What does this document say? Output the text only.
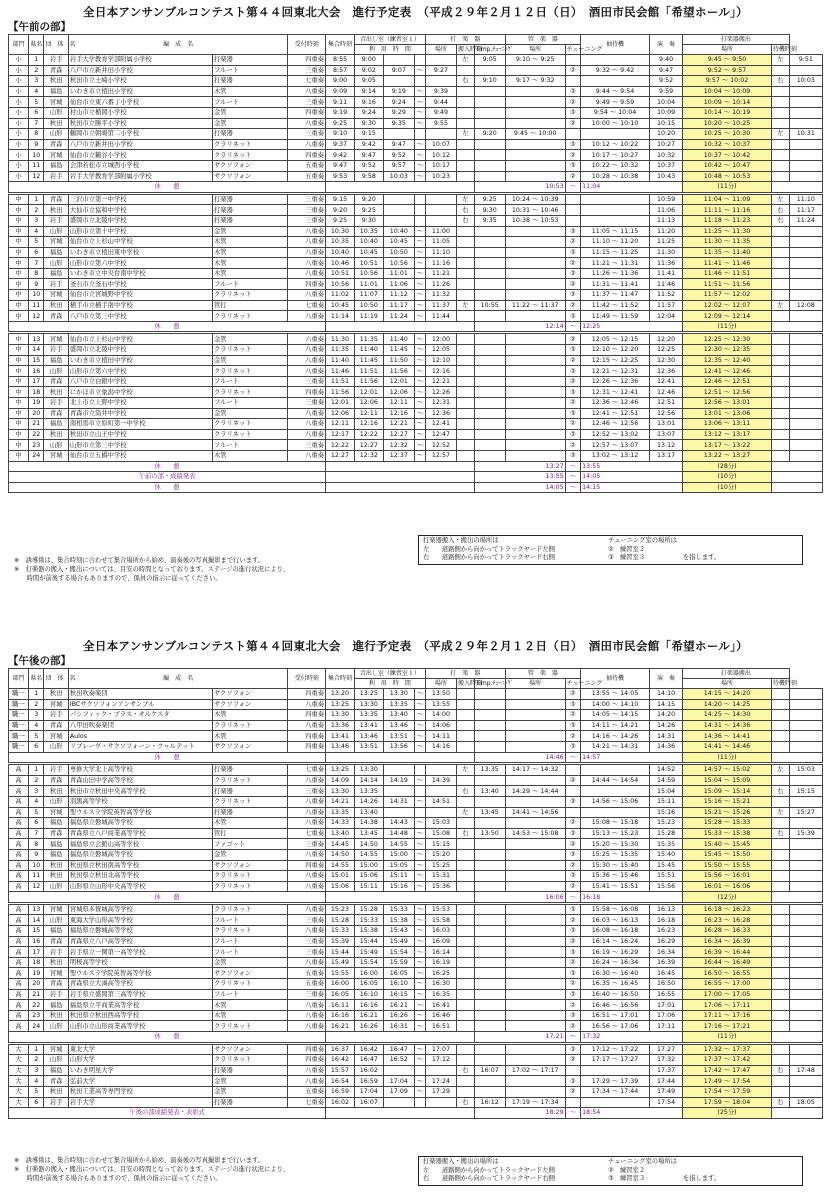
全日本アンサンブルコンテスト第４４回東北大会　進行予定表　（平成２９年２月１２日（日）　酒田市民会館「希望ホール」）
【午前の部】
部門	県名	団　体　名	編　成　名		受付時刻	集合時刻	音出し室（練習室１）			打　楽　器			管　楽　器		袖待機	演　奏	打楽器搬出		
							利　用　時　間			場所	搬入時刻	Timp.ﾁｭｰﾆﾝｸﾞ	場所	チューニング			場所	待機時刻	
小	1	岩手	岩手大学教育学部附属小学校	打楽器	四重奏	8:55	9:00				左	9:05	9:10 ～ 9:25			9:40	9:45 ～ 9:50	左	9:51
小	2	青森	八戸市立新井田小学校	フルート	三重奏	8:57	9:02	9:07	～	9:27				②	9:32 ～ 9:42	9:47	9:52 ～ 9:57		
小	3	秋田	秋田市立土崎小学校	打楽器	七重奏	9:00	9:05				右	9:10	9:17 ～ 9:32			9:52	9:57 ～ 10:02	右	10:03
小	4	福島	いわき市立植田小学校	木管	八重奏	9:09	9:14	9:19	～	9:39				③	9:44 ～ 9:54	9:59	10:04 ～ 10:09		
小	5	宮城	仙台市立東六番丁小学校	フルート	三重奏	9:11	9:16	9:24	～	9:44				②	9:49 ～ 9:59	10:04	10:09 ～ 10:14		
小	6	山形	村山市立楯岡小学校	金管	四重奏	9:19	9:24	9:29	～	9:49				③	9:54 ～ 10:04	10:09	10:14 ～ 10:19		
小	7	秋田	秋田市立勝平小学校	金管	八重奏	9:25	9:30	9:35	～	9:55				②	10:00 ～ 10:10	10:15	10:20 ～ 10:25		
小	8	山形	鶴岡市立朝暘第二小学校	打楽器	三重奏	9:10	9:15				左	9:20	9:45 ～ 10:00			10:20	10:25 ～ 10:30	左	10:31
小	9	青森	八戸市立新井田小学校	クラリネット	八重奏	9:37	9:42	9:47	～	10:07				③	10:12 ～ 10:22	10:27	10:32 ～ 10:37		
小	10	宮城	仙台市立鶴谷小学校	クラリネット	四重奏	9:42	9:47	9:52	～	10:12				②	10:17 ～ 10:27	10:32	10:37 ～ 10:42		
小	11	福島	会津若松市立城西小学校	サクソフォン	五重奏	9:47	9:52	9:57	～	10:17				③	10:22 ～ 10:32	10:37	10:42 ～ 10:47		
小	12	岩手	岩手大学教育学部附属小学校	サクソフォン	五重奏	9:53	9:58	10:03	～	10:23				②	10:28 ～ 10:38	10:43	10:48 ～ 10:53		
休　　憩												10:53		～	11:04		(11分)		

中	1	青森	三沢市立第一中学校	打楽器	三重奏	9:15	9:20				左	9:25	10:24 ～ 10:39			10:59	11:04 ～ 11:09	左	11:10
中	2	秋田	大仙市立協和中学校	打楽器	三重奏	9:20	9:25				右	9:30	10:31 ～ 10:46			11:06	11:11 ～ 11:16	右	11:17
中	3	岩手	盛岡市立北陵中学校	打楽器	三重奏	9:25	9:30				右	9:35	10:38 ～ 10:53			11:13	11:18 ～ 11:23	右	11:24
中	4	山形	山形市立第十中学校	金管	八重奏	10:30	10:35	10:40	～	11:00				③	11:05 ～ 11:15	11:20	11:25 ～ 11:30		
中	5	宮城	仙台市立上杉山中学校	木管	八重奏	10:35	10:40	10:45	～	11:05				②	11:10 ～ 11:20	11:25	11:30 ～ 11:35		
中	6	福島	いわき市立植田東中学校	木管	八重奏	10:40	10:45	10:50	～	11:10				③	11:15 ～ 11:25	11:30	11:35 ～ 11:40		
中	7	山形	山形市立第六中学校	木管	八重奏	10:46	10:51	10:56	～	11:16				②	11:21 ～ 11:31	11:36	11:41 ～ 11:46		
中	8	福島	いわき市立中央台南中学校	木管	八重奏	10:51	10:56	11:01	～	11:21				③	11:26 ～ 11:36	11:41	11:46 ～ 11:51		
中	9	岩手	釜石市立釜石中学校	フルート	四重奏	10:56	11:01	11:06	～	11:26				②	11:31 ～ 11:41	11:46	11:51 ～ 11:56		
中	10	宮城	仙台市立宮城野中学校	クラリネット	八重奏	11:02	11:07	11:12	～	11:32				③	11:37 ～ 11:47	11:52	11:57 ～ 12:02		
中	11	秋田	横手市立横手南中学校	管打	七重奏	10:45	10:50	11:17	～	11:37	左	10:55	11:22 ～ 11:37	②	11:42 ～ 11:52	11:57	12:02 ～ 12:07	左	12:08
中	12	青森	八戸市立第三中学校	クラリネット	八重奏	11:14	11:19	11:24	～	11:44				③	11:49 ～ 11:59	12:04	12:09 ～ 12:14		
休　　憩												12:14		～	12:25		(11分)		

中	13	宮城	仙台市立上杉山中学校	金管	六重奏	11:30	11:35	11:40	～	12:00				②	12:05 ～ 12:15	12:20	12:25 ～ 12:30		
中	14	岩手	盛岡市立北陵中学校	クラリネット	八重奏	11:35	11:40	11:45	～	12:05				③	12:10 ～ 12:20	12:25	12:30 ～ 12:35		
中	15	福島	いわき市立植田中学校	金管	八重奏	11:40	11:45	11:50	～	12:10				②	12:15 ～ 12:25	12:30	12:35 ～ 12:40		
中	16	山形	山形市立第六中学校	クラリネット	八重奏	11:46	11:51	11:56	～	12:16				③	12:21 ～ 12:31	12:36	12:41 ～ 12:46		
中	17	青森	八戸市立白銀中学校	フルート	三重奏	11:51	11:56	12:01	～	12:21				②	12:26 ～ 12:36	12:41	12:46 ～ 12:51		
中	18	秋田	にかほ市立象潟中学校	クラリネット	四重奏	11:56	12:01	12:06	～	12:26				③	12:31 ～ 12:41	12:46	12:51 ～ 12:56		
中	19	岩手	北上市立上野中学校	フルート	三重奏	12:01	12:06	12:11	～	12:31				②	12:36 ～ 12:46	12:51	12:56 ～ 13:01		
中	20	青森	青森市立筒井中学校	金管	八重奏	12:06	12:11	12:16	～	12:36				③	12:41 ～ 12:51	12:56	13:01 ～ 13:06		
中	21	福島	南相馬市立原町第一中学校	クラリネット	八重奏	12:11	12:16	12:21	～	12:41				②	12:46 ～ 12:56	13:01	13:06 ～ 13:11		
中	22	秋田	秋田市立山王中学校	クラリネット	八重奏	12:17	12:22	12:27	～	12:47				③	12:52 ～ 13:02	13:07	13:12 ～ 13:17		
中	23	山形	山形市立第三中学校	フルート	三重奏	12:22	12:27	12:32	～	12:52				②	12:57 ～ 13:07	13:12	13:17 ～ 13:22		
中	24	宮城	仙台市立五橋中学校	木管	八重奏	12:27	12:32	12:37	～	12:57				③	13:02 ～ 13:12	13:17	13:22 ～ 13:27		
休　　憩												13:27		～	13:55		(28分)		
午前の部・成績発表												13:55		～	14:05		(10分)		
休　　憩												14:05		～	14:15		(10分)		
※　誘導係は、集合時刻に合わせて集合場所から始め、演奏後の写真撮影まで行います。
※　打楽器の搬入・搬出については、目安の時間となっております。ステージの進行状況により、
　　時間が前後する場合もありますので、係員の指示に従ってください。
打楽器搬入・搬出の場所は	チューニング室の場所は
左　　道路側から向かってトラックヤード左側	②　練習室２
右　　道路側から向かってトラックヤード右側	③　練習室３　　　　　　を指します。
全日本アンサンブルコンテスト第４４回東北大会　進行予定表　（平成２９年２月１２日（日）　酒田市民会館「希望ホール」）
【午後の部】
部門	県名	団　体　名	編　成　名		受付時刻	集合時刻	音出し室（練習室１）			打　楽　器			管　楽　器		袖待機	演　奏	打楽器搬出		
							利　用　時　間			場所	搬入時刻	Timp.ﾁｭｰﾆﾝｸﾞ	場所	チューニング			場所	待機時刻	
職一	1	秋田	秋田吹奏楽団	サクソフォン	四重奏	13:20	13:25	13:30	～	13:50				②	13:55 ～ 14:05	14:10	14:15 ～ 14:20		
職一	2	宮城	IBCサクソフォンアンサンブル	サクソフォン	八重奏	13:25	13:30	13:35	～	13:55				③	14:00 ～ 14:10	14:15	14:20 ～ 14:25		
職一	3	岩手	パシフィック・ブラス・オルケスタ	木管	四重奏	13:30	13:35	13:40	～	14:00				②	14:05 ～ 14:15	14:20	14:25 ～ 14:30		
職一	4	青森	八甲田吹奏楽団	クラリネット	八重奏	13:36	13:41	13:46	～	14:06				③	14:11 ～ 14:21	14:26	14:31 ～ 14:36		
職一	5	宮城	Aulos	木管	四重奏	13:41	13:46	13:51	～	14:11				②	14:16 ～ 14:26	14:31	14:36 ～ 14:41		
職一	6	山形	リブレーヴ・サクソフォーン・クヮルテット	サクソフォン	四重奏	13:46	13:51	13:56	～	14:16				③	14:21 ～ 14:31	14:36	14:41 ～ 14:46		
休　　憩												14:46		～	14:57		(11分)		

高	1	岩手	専修大学北上高等学校	打楽器	七重奏	13:25	13:30				左	13:35	14:17 ～ 14:32			14:52	14:57 ～ 15:02	左	15:03
高	2	青森	青森山田中学高等学校	クラリネット	八重奏	14:09	14:14	14:19	～	14:39				②	14:44 ～ 14:54	14:59	15:04 ～ 15:09		
高	3	秋田	秋田市立秋田中央高等学校	打楽器	三重奏	13:30	13:35				右	13:40	14:29 ～ 14:44			15:04	15:09 ～ 15:14	右	15:15
高	4	山形	羽黒高等学校	クラリネット	八重奏	14:21	14:26	14:31	～	14:51				③	14:56 ～ 15:06	15:11	15:16 ～ 15:21		
高	5	宮城	聖ウルスラ学院英智高等学校	打楽器	八重奏	13:35	13:40				左	13:45	14:41 ～ 14:56			15:16	15:21 ～ 15:26	左	15:27
高	6	福島	福島県立磐城高等学校	木管	八重奏	14:33	14:38	14:43	～	15:03				②	15:08 ～ 15:18	15:23	15:28 ～ 15:33		
高	7	青森	青森県立八戸商業高等学校	管打	七重奏	13:40	13:45	14:48	～	15:08	右	13:50	14:53 ～ 15:08	③	15:13 ～ 15:23	15:28	15:33 ～ 15:38	右	15:39
高	8	福島	福島県立会館山高等学校	ファゴット	三重奏	14:45	14:50	14:55	～	15:15				②	15:20 ～ 15:30	15:35	15:40 ～ 15:45		
高	9	福島	福島県立磐城高等学校	金管	八重奏	14:50	14:55	15:00	～	15:20				③	15:25 ～ 15:35	15:40	15:45 ～ 15:50		
高	10	秋田	秋田県立秋田南高等学校	サクソフォン	四重奏	14:55	15:00	15:05	～	15:25				②	15:30 ～ 15:40	15:45	15:50 ～ 15:55		
高	11	秋田	秋田県立秋田北高等学校	クラリネット	八重奏	15:01	15:06	15:11	～	15:31				③	15:36 ～ 15:46	15:51	15:56 ～ 16:01		
高	12	山形	山形県立山形中央高等学校	クラリネット	八重奏	15:06	15:11	15:16	～	15:36				②	15:41 ～ 15:51	15:56	16:01 ～ 16:06		
休　　憩												16:06		～	16:18		(12分)		

高	13	宮城	宮城県多賀城高等学校	クラリネット	八重奏	15:23	15:28	15:33	～	15:53				③	15:58 ～ 16:08	16:13	16:18 ～ 16:23		
高	14	山形	東海大学山形高等学校	フルート	三重奏	15:28	15:33	15:38	～	15:58				②	16:03 ～ 16:13	16:18	16:23 ～ 16:28		
高	15	福島	福島県立磐城高等学校	クラリネット	八重奏	15:33	15:38	15:43	～	16:03				③	16:08 ～ 16:18	16:23	16:28 ～ 16:33		
高	16	青森	青森県立八戸高等学校	フルート	三重奏	15:39	15:44	15:49	～	16:09				②	16:14 ～ 16:24	16:29	16:34 ～ 16:39		
高	17	岩手	岩手県立一関第一高等学校	フルート	三重奏	15:44	15:49	15:54	～	16:14				③	16:19 ～ 16:29	16:34	16:39 ～ 16:44		
高	18	秋田	明桜高等学校	金管	八重奏	15:49	15:54	15:59	～	16:19				②	16:24 ～ 16:34	16:39	16:44 ～ 16:49		
高	19	宮城	聖ウルスラ学院英智高等学校	サクソフォン	五重奏	15:55	16:00	16:05	～	16:25				③	16:30 ～ 16:40	16:45	16:50 ～ 16:55		
高	20	青森	青森県立大湊高等学校	クラリネット	五重奏	16:00	16:05	16:10	～	16:30				②	16:35 ～ 16:45	16:50	16:55 ～ 17:00		
高	21	岩手	岩手県立盛岡第三高等学校	フルート	三重奏	16:05	16:10	16:15	～	16:35				③	16:40 ～ 16:50	16:55	17:00 ～ 17:05		
高	22	福島	福島県立平商業高等学校	木管	八重奏	16:11	16:16	16:21	～	16:41				②	16:46 ～ 16:56	17:01	17:06 ～ 17:11		
高	23	秋田	秋田県立秋田西高等学校	木管	八重奏	16:16	16:21	16:26	～	16:46				③	16:51 ～ 17:01	17:06	17:11 ～ 17:16		
高	24	山形	山形市立山形商業高等学校	クラリネット	八重奏	16:21	16:26	16:31	～	16:51				②	16:56 ～ 17:06	17:11	17:16 ～ 17:21		
休　　憩												17:21		～	17:32		(11分)		

大	1	宮城	東北大学	サクソフォン	四重奏	16:37	16:42	16:47	～	17:07				③	17:12 ～ 17:22	17:27	17:32 ～ 17:37		
大	2	山形	山形大学	クラリネット	四重奏	16:42	16:47	16:52	～	17:12				②	17:17 ～ 17:27	17:32	17:37 ～ 17:42		
大	3	福島	いわき明星大学	打楽器	八重奏	15:57	16:02				右	16:07	17:02 ～ 17:17			17:37	17:42 ～ 17:47	右	17:48
大	4	青森	弘前大学	金管	八重奏	16:54	16:59	17:04	～	17:24				③	17:29 ～ 17:39	17:44	17:49 ～ 17:54		
大	5	秋田	秋田工業高等専門学校	金管	五重奏	16:59	17:04	17:09	～	17:29				②	17:34 ～ 17:44	17:49	17:54 ～ 17:59		
大	6	岩手	岩手大学	打楽器	七重奏	16:02	16:07				右	16:12	17:19 ～ 17:34			17:54	17:59 ～ 18:04	右	18:05
午後の部成績発表・表彰式												18:29		～	18:54		(25分)		
※　誘導係は、集合時刻に合わせて集合場所から始め、演奏後の写真撮影まで行います。
※　打楽器の搬入・搬出については、目安の時間となっております。ステージの進行状況により、
　　時間が前後する場合もありますので、係員の指示に従ってください。
打楽器搬入・搬出の場所は	チューニング室の場所は
左　　道路側から向かってトラックヤード左側	②　練習室２
右　　道路側から向かってトラックヤード右側	③　練習室３　　　　　　を指します。
